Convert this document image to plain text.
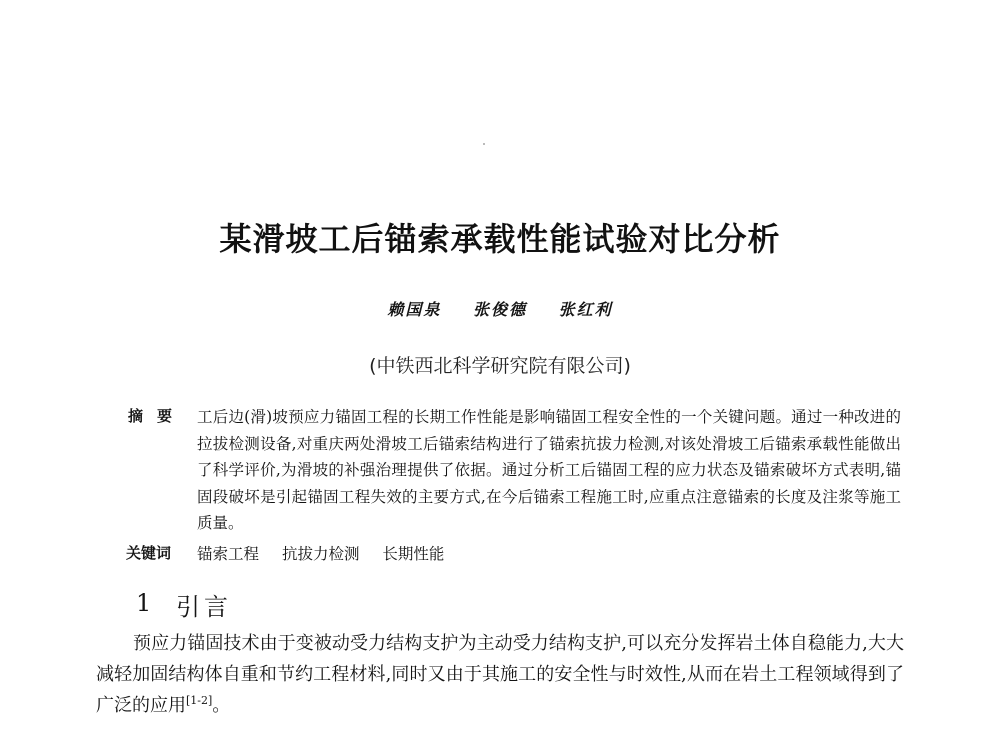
某滑坡工后锚索承载性能试验对比分析
赖国泉 张俊德 张红利
(中铁西北科学研究院有限公司)
摘要 工后边(滑)坡预应力锚固工程的长期工作性能是影响锚固工程安全性的一个关键问题。通过一种改进的拉拔检测设备,对重庆两处滑坡工后锚索结构进行了锚索抗拔力检测,对该处滑坡工后锚索承载性能做出了科学评价,为滑坡的补强治理提供了依据。通过分析工后锚固工程的应力状态及锚索破坏方式表明,锚固段破坏是引起锚固工程失效的主要方式,在今后锚索工程施工时,应重点注意锚索的长度及注浆等施工质量。
关键词 锚索工程 抗拔力检测 长期性能
1 引言
预应力锚固技术由于变被动受力结构支护为主动受力结构支护,可以充分发挥岩土体自稳能力,大大减轻加固结构体自重和节约工程材料,同时又由于其施工的安全性与时效性,从而在岩土工程领域得到了广泛的应用[1-2]。
